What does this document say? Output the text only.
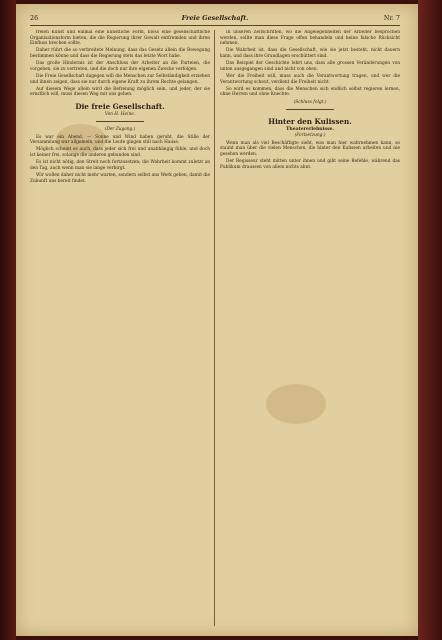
26	Freie Gesellschaft.	Nr. 7

freien Kunst und einmal eine künstliche Form, bloss eine gesellschaftliche Organisationsform bieten, die die Regierung ihrer Gewalt entfremden und ihren Einfluss brechen sollte.

Daher rührt die so verbreitete Meinung, dass das Gesetz allein die Bewegung bestimmen könne und dass die Regierung stets das letzte Wort habe.

Das große Hindernis ist der Anschluss der Arbeiter an die Parteien, die vorgeben, sie zu vertreten, und die doch nur ihre eigenen Zwecke verfolgen.

Die Freie Gesellschaft dagegen will die Menschen zur Selbständigkeit erziehen und ihnen zeigen, dass sie nur durch eigene Kraft zu ihrem Rechte gelangen.

Auf diesem Wege allein wird die Befreiung möglich sein, und jeder, der sie ernstlich will, muss diesen Weg mit uns gehen.

Die freie Gesellschaft.
Von H. Heine.
(Der Zugang.)

Es war ein Abend, — Sonne und Wind haben geruht, die Stille der Versammlung war allgemein, und die Leute gingen still nach Hause.

Möglich scheint es auch, dass jeder sich frei und unabhängig fühle, und doch ist keiner frei, solange die anderen gebunden sind.

Es ist nicht nötig, den Streit noch fortzusetzen; die Wahrheit kommt zuletzt an den Tag, auch wenn man sie lange verbirgt.

Wir wollen daher nicht mehr warten, sondern selbst ans Werk gehen, damit die Zukunft uns bereit findet.

In unseren Zeitschriften, wo die Angelegenheiten der Arbeiter besprochen werden, sollte man diese Frage offen behandeln und keine falsche Rücksicht nehmen.

Die Wahrheit ist, dass die Gesellschaft, wie sie jetzt besteht, nicht dauern kann, und dass ihre Grundlagen erschüttert sind.

Das Beispiel der Geschichte lehrt uns, dass alle grossen Veränderungen von unten ausgegangen sind und nicht von oben.

Wer die Freiheit will, muss auch die Verantwortung tragen, und wer die Verantwortung scheut, verdient die Freiheit nicht.

So wird es kommen, dass die Menschen sich endlich selbst regieren lernen, ohne Herren und ohne Knechte.

(Schluss folgt.)
Hinter den Kulissen.
Theatererlebnisse.
(Fortsetzung.)

Wenn man als viel Beschäftigte sieht, was man hier wahrnehmen kann, so staunt man über die vielen Menschen, die hinter den Kulissen arbeiten und nie gesehen werden.

Der Regisseur steht mitten unter ihnen und gibt seine Befehle, während das Publikum draussen von allem nichts ahnt.
